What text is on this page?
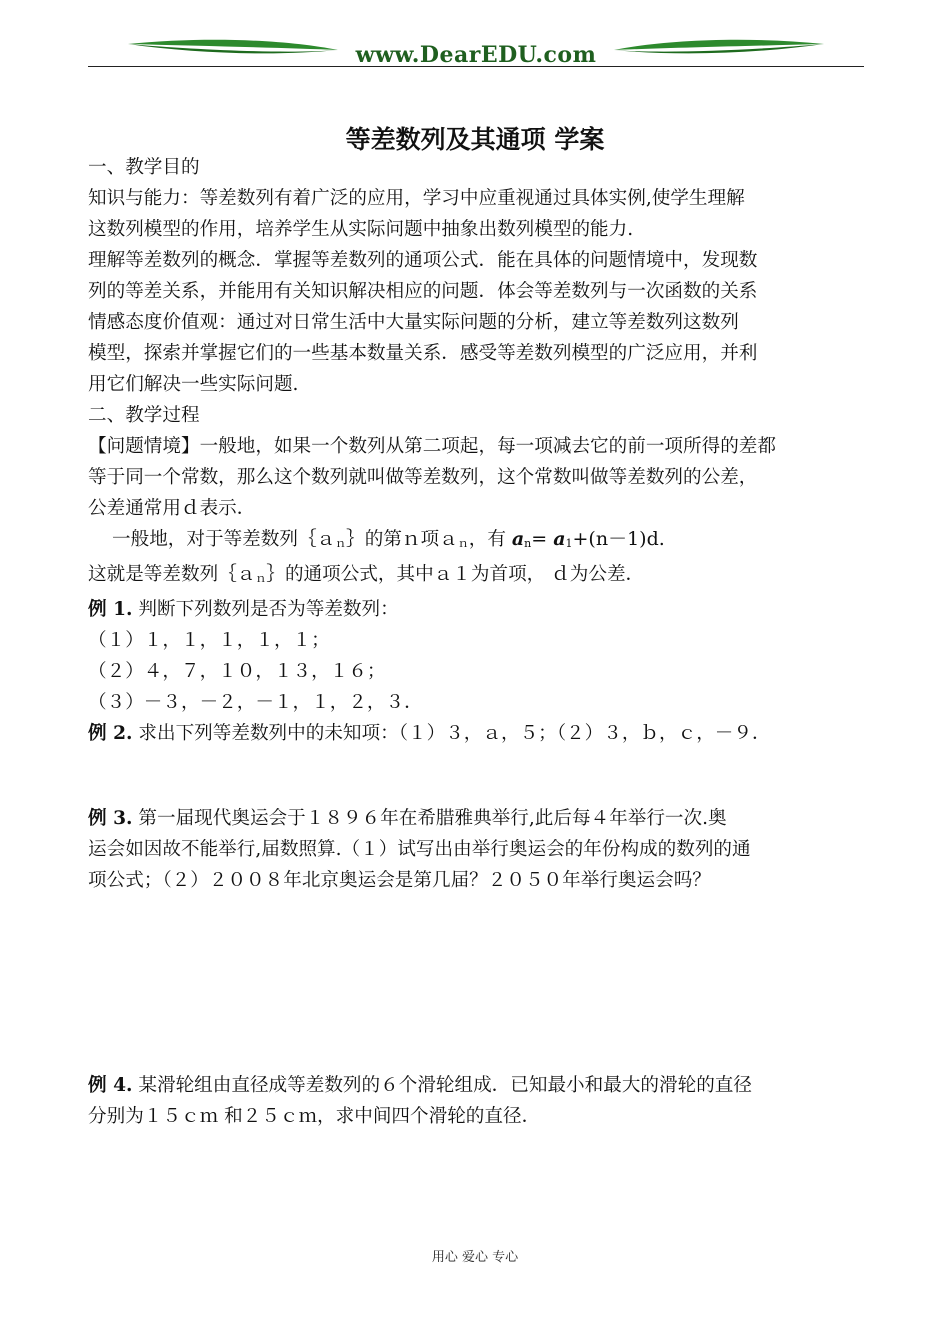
www.DearEDU.com
等差数列及其通项 学案
一、教学目的
知识与能力：等差数列有着广泛的应用，学习中应重视通过具体实例,使学生理解
这数列模型的作用，培养学生从实际问题中抽象出数列模型的能力.
理解等差数列的概念．掌握等差数列的通项公式．能在具体的问题情境中，发现数
列的等差关系，并能用有关知识解决相应的问题．体会等差数列与一次函数的关系
情感态度价值观：通过对日常生活中大量实际问题的分析，建立等差数列这数列
模型，探索并掌握它们的一些基本数量关系．感受等差数列模型的广泛应用，并利
用它们解决一些实际问题.
二、教学过程
【问题情境】一般地，如果一个数列从第二项起，每一项减去它的前一项所得的差都
等于同一个常数，那么这个数列就叫做等差数列，这个常数叫做等差数列的公差，
公差通常用ｄ表示．
一般地，对于等差数列｛ａ$_n$｝的第ｎ项ａ$_n$，有 $a_n= a_1+(n-1)d$.
这就是等差数列｛ａ$_n$｝的通项公式，其中ａ１为首项， ｄ为公差．
例 1. 判断下列数列是否为等差数列：
（１）１，１，１，１，１；
（２）４，７，１０，１３，１６；
（３）－３，－２，－１，１，２，３．
例 2. 求出下列等差数列中的未知项：（１）３，ａ，５；（２）３，ｂ，ｃ，－９．
例 3. 第一届现代奥运会于１８９６年在希腊雅典举行,此后每４年举行一次.奥
运会如因故不能举行,届数照算.（１）试写出由举行奥运会的年份构成的数列的通
项公式；（２）２００８年北京奥运会是第几届？２０５０年举行奥运会吗？
例 4. 某滑轮组由直径成等差数列的６个滑轮组成．已知最小和最大的滑轮的直径
分别为１５ｃｍ 和２５ｃｍ，求中间四个滑轮的直径．
用心 爱心 专心
